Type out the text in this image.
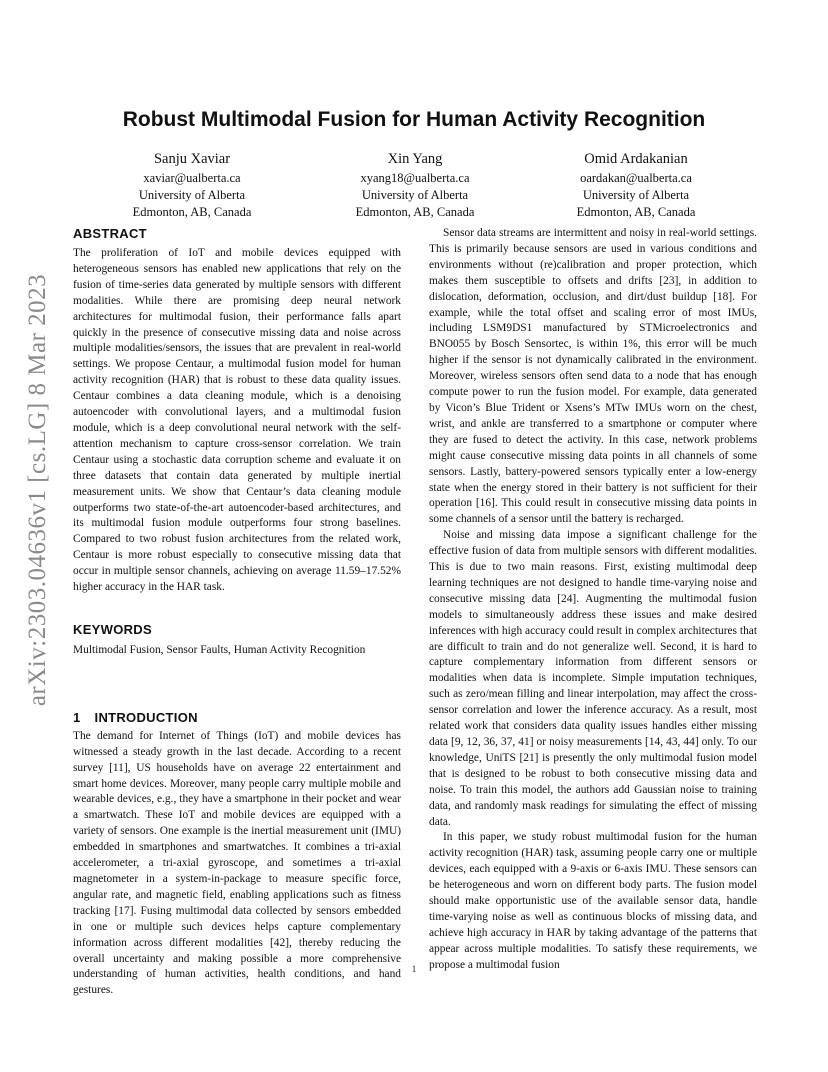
arXiv:2303.04636v1 [cs.LG] 8 Mar 2023
Robust Multimodal Fusion for Human Activity Recognition
Sanju Xaviar
xaviar@ualberta.ca
University of Alberta
Edmonton, AB, Canada
Xin Yang
xyang18@ualberta.ca
University of Alberta
Edmonton, AB, Canada
Omid Ardakanian
oardakan@ualberta.ca
University of Alberta
Edmonton, AB, Canada
ABSTRACT

The proliferation of IoT and mobile devices equipped with heterogeneous sensors has enabled new applications that rely on the fusion of time-series data generated by multiple sensors with different modalities. While there are promising deep neural network architectures for multimodal fusion, their performance falls apart quickly in the presence of consecutive missing data and noise across multiple modalities/sensors, the issues that are prevalent in real-world settings. We propose Centaur, a multimodal fusion model for human activity recognition (HAR) that is robust to these data quality issues. Centaur combines a data cleaning module, which is a denoising autoencoder with convolutional layers, and a multimodal fusion module, which is a deep convolutional neural network with the self-attention mechanism to capture cross-sensor correlation. We train Centaur using a stochastic data corruption scheme and evaluate it on three datasets that contain data generated by multiple inertial measurement units. We show that Centaur’s data cleaning module outperforms two state-of-the-art autoencoder-based architectures, and its multimodal fusion module outperforms four strong baselines. Compared to two robust fusion architectures from the related work, Centaur is more robust especially to consecutive missing data that occur in multiple sensor channels, achieving on average 11.59–17.52% higher accuracy in the HAR task.

KEYWORDS

Multimodal Fusion, Sensor Faults, Human Activity Recognition

1 INTRODUCTION

The demand for Internet of Things (IoT) and mobile devices has witnessed a steady growth in the last decade. According to a recent survey [11], US households have on average 22 entertainment and smart home devices. Moreover, many people carry multiple mobile and wearable devices, e.g., they have a smartphone in their pocket and wear a smartwatch. These IoT and mobile devices are equipped with a variety of sensors. One example is the inertial measurement unit (IMU) embedded in smartphones and smartwatches. It combines a tri-axial accelerometer, a tri-axial gyroscope, and sometimes a tri-axial magnetometer in a system-in-package to measure specific force, angular rate, and magnetic field, enabling applications such as fitness tracking [17]. Fusing multimodal data collected by sensors embedded in one or multiple such devices helps capture complementary information across different modalities [42], thereby reducing the overall uncertainty and making possible a more comprehensive understanding of human activities, health conditions, and hand gestures.

Sensor data streams are intermittent and noisy in real-world settings. This is primarily because sensors are used in various conditions and environments without (re)calibration and proper protection, which makes them susceptible to offsets and drifts [23], in addition to dislocation, deformation, occlusion, and dirt/dust buildup [18]. For example, while the total offset and scaling error of most IMUs, including LSM9DS1 manufactured by STMicroelectronics and BNO055 by Bosch Sensortec, is within 1%, this error will be much higher if the sensor is not dynamically calibrated in the environment. Moreover, wireless sensors often send data to a node that has enough compute power to run the fusion model. For example, data generated by Vicon’s Blue Trident or Xsens’s MTw IMUs worn on the chest, wrist, and ankle are transferred to a smartphone or computer where they are fused to detect the activity. In this case, network problems might cause consecutive missing data points in all channels of some sensors. Lastly, battery-powered sensors typically enter a low-energy state when the energy stored in their battery is not sufficient for their operation [16]. This could result in consecutive missing data points in some channels of a sensor until the battery is recharged.

Noise and missing data impose a significant challenge for the effective fusion of data from multiple sensors with different modalities. This is due to two main reasons. First, existing multimodal deep learning techniques are not designed to handle time-varying noise and consecutive missing data [24]. Augmenting the multimodal fusion models to simultaneously address these issues and make desired inferences with high accuracy could result in complex architectures that are difficult to train and do not generalize well. Second, it is hard to capture complementary information from different sensors or modalities when data is incomplete. Simple imputation techniques, such as zero/mean filling and linear interpolation, may affect the cross-sensor correlation and lower the inference accuracy. As a result, most related work that considers data quality issues handles either missing data [9, 12, 36, 37, 41] or noisy measurements [14, 43, 44] only. To our knowledge, UniTS [21] is presently the only multimodal fusion model that is designed to be robust to both consecutive missing data and noise. To train this model, the authors add Gaussian noise to training data, and randomly mask readings for simulating the effect of missing data.

In this paper, we study robust multimodal fusion for the human activity recognition (HAR) task, assuming people carry one or multiple devices, each equipped with a 9-axis or 6-axis IMU. These sensors can be heterogeneous and worn on different body parts. The fusion model should make opportunistic use of the available sensor data, handle time-varying noise as well as continuous blocks of missing data, and achieve high accuracy in HAR by taking advantage of the patterns that appear across multiple modalities. To satisfy these requirements, we propose a multimodal fusion

1
